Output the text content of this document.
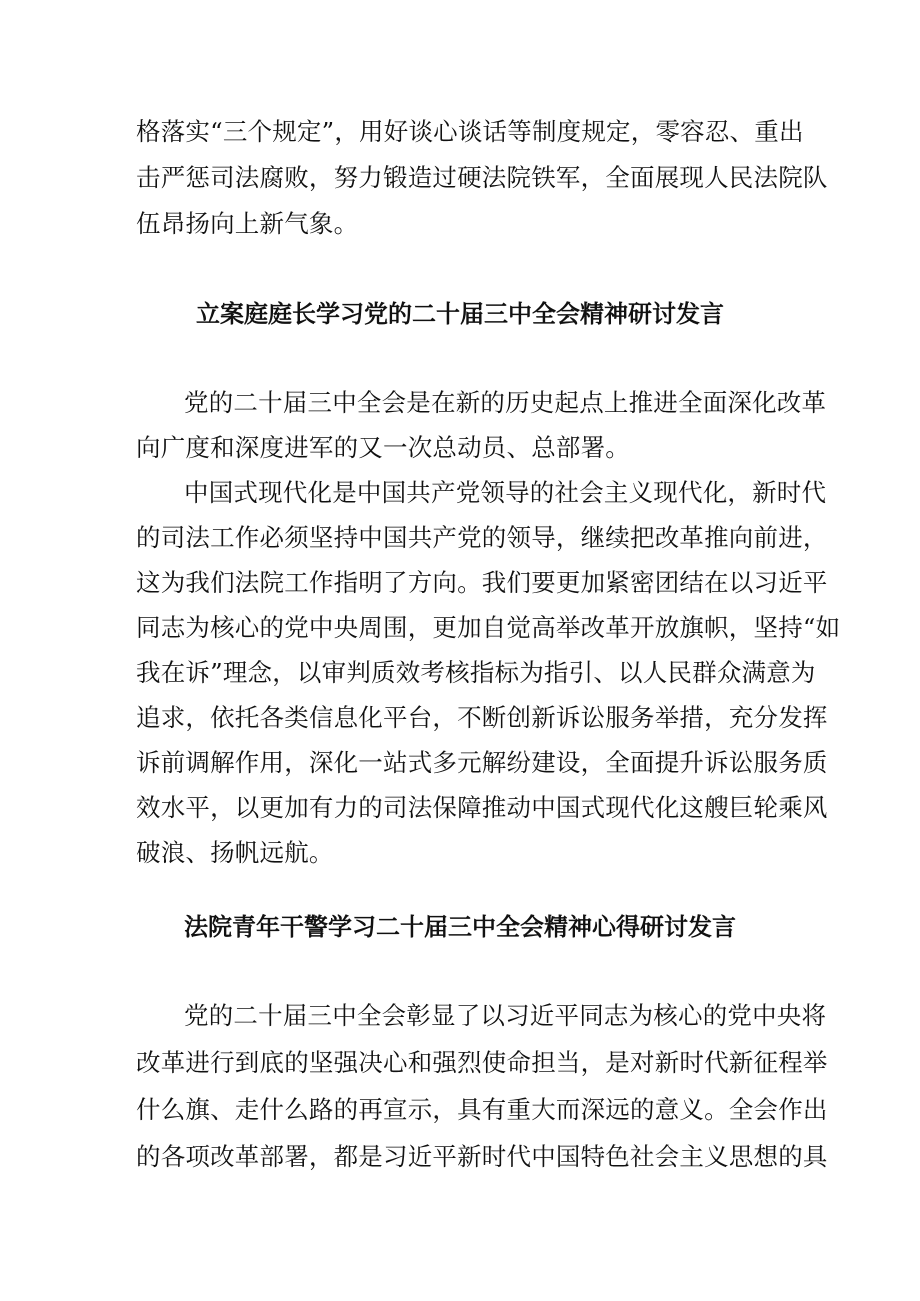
格落实“三个规定”，用好谈心谈话等制度规定，零容忍、重出
击严惩司法腐败，努力锻造过硬法院铁军，全面展现人民法院队
伍昂扬向上新气象。
立案庭庭长学习党的二十届三中全会精神研讨发言
党的二十届三中全会是在新的历史起点上推进全面深化改革
向广度和深度进军的又一次总动员、总部署。
中国式现代化是中国共产党领导的社会主义现代化，新时代
的司法工作必须坚持中国共产党的领导，继续把改革推向前进，
这为我们法院工作指明了方向。我们要更加紧密团结在以习近平
同志为核心的党中央周围，更加自觉高举改革开放旗帜，坚持“如
我在诉”理念，以审判质效考核指标为指引、以人民群众满意为
追求，依托各类信息化平台，不断创新诉讼服务举措，充分发挥
诉前调解作用，深化一站式多元解纷建设，全面提升诉讼服务质
效水平，以更加有力的司法保障推动中国式现代化这艘巨轮乘风
破浪、扬帆远航。
法院青年干警学习二十届三中全会精神心得研讨发言
党的二十届三中全会彰显了以习近平同志为核心的党中央将
改革进行到底的坚强决心和强烈使命担当，是对新时代新征程举
什么旗、走什么路的再宣示，具有重大而深远的意义。全会作出
的各项改革部署，都是习近平新时代中国特色社会主义思想的具
